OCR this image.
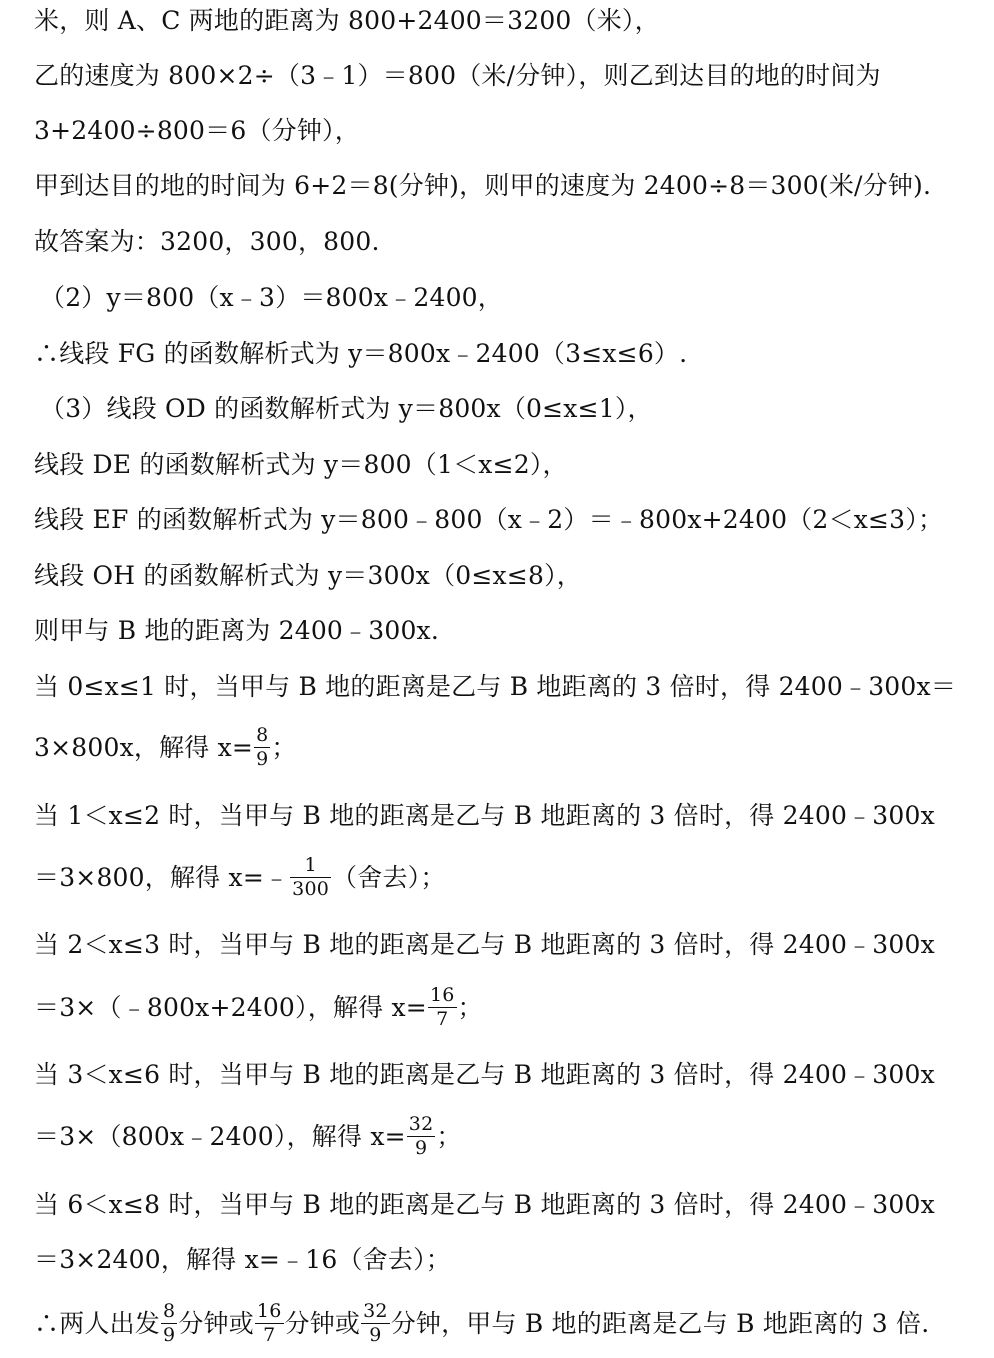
米，则 A、C 两地的距离为 800+2400＝3200（米），
乙的速度为 800×2÷（3﹣1）＝800（米/分钟），则乙到达目的地的时间为
3+2400÷800＝6（分钟），
甲到达目的地的时间为 6+2＝8(分钟)，则甲的速度为 2400÷8＝300(米/分钟).
故答案为：3200，300，800.
（2）y＝800（x﹣3）＝800x﹣2400，
∴线段 FG 的函数解析式为 y＝800x﹣2400（3≤x≤6）.
（3）线段 OD 的函数解析式为 y＝800x（0≤x≤1），
线段 DE 的函数解析式为 y＝800（1＜x≤2），
线段 EF 的函数解析式为 y＝800﹣800（x﹣2）＝﹣800x+2400（2＜x≤3）；
线段 OH 的函数解析式为 y＝300x（0≤x≤8），
则甲与 B 地的距离为 2400﹣300x.
当 0≤x≤1 时，当甲与 B 地的距离是乙与 B 地距离的 3 倍时，得 2400﹣300x＝
3×800x，解得 $x= \frac{8}{9}$ ；
当 1＜x≤2 时，当甲与 B 地的距离是乙与 B 地距离的 3 倍时，得 2400﹣300x
＝3×800，解得 x=﹣ $\frac{1}{300}$ （舍去）；
当 2＜x≤3 时，当甲与 B 地的距离是乙与 B 地距离的 3 倍时，得 2400﹣300x
＝3×（﹣800x+2400），解得 $x= \frac{16}{7}$ ；
当 3＜x≤6 时，当甲与 B 地的距离是乙与 B 地距离的 3 倍时，得 2400﹣300x
＝3×（800x﹣2400），解得 $x= \frac{32}{9}$ ；
当 6＜x≤8 时，当甲与 B 地的距离是乙与 B 地距离的 3 倍时，得 2400﹣300x
＝3×2400，解得 x=﹣16（舍去）；
∴两人出发 $\frac{8}{9}$ 分钟或 $\frac{16}{7}$ 分钟或 $\frac{32}{9}$ 分钟，甲与 B 地的距离是乙与 B 地距离的 3 倍.
